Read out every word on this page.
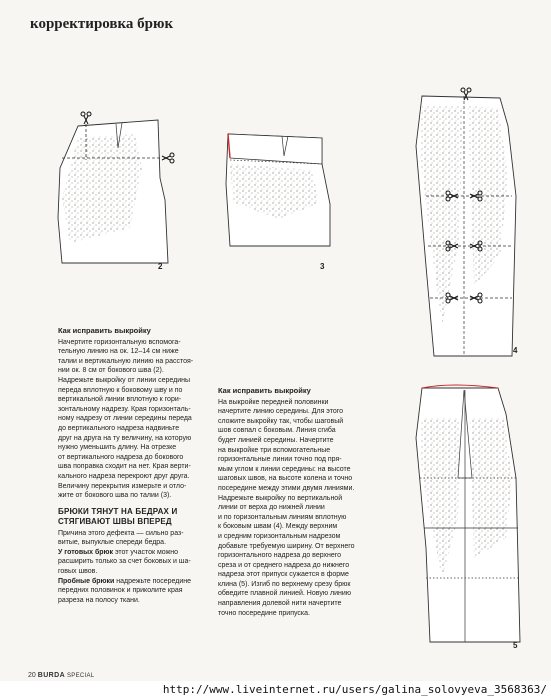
корректировка брюк
2	3
4
5

Как исправить выкройку

Начертите горизонтальную вспомога-
тельную линию на ок. 12–14 см ниже
талии и вертикальную линию на расстоя-
нии ок. 8 см от бокового шва (2).
Надрежьте выкройку от линии середины
переда вплотную к боковому шву и по
вертикальной линии вплотную к гори-
зонтальному надрезу. Края горизонталь-
ному надрезу от линии середины переда
до вертикального надреза надвиньте
друг на друга на ту величину, на которую
нужно уменьшить длину. На отрезке
от вертикального надреза до бокового
шва поправка сходит на нет. Края верти-
кального надреза перекроют друг друга.
Величину перекрытия измерьте и отло-
жите от бокового шва по талии (3).

БРЮКИ ТЯНУТ НА БЕДРАХ И СТЯГИВАЮТ ШВЫ ВПЕРЕД

Причина этого дефекта — сильно раз-
витые, выпуклые спереди бедра.

У готовых брюк этот участок можно
расширить только за счет боковых и ша-
говых швов.

Пробные брюки надрежьте посередине
передних половинок и приколите края
разреза на полосу ткани.

Как исправить выкройку

На выкройке передней половинки
начертите линию середины. Для этого
сложите выкройку так, чтобы шаговый
шов совпал с боковым. Линия сгиба
будет линией середины. Начертите
на выкройке три вспомогательные
горизонтальные линии точно под пря-
мым углом к линии середины: на высоте
шаговых швов, на высоте колена и точно
посередине между этими двумя линиями.
Надрежьте выкройку по вертикальной
линии от верха до нижней линии
и по горизонтальным линиям вплотную
к боковым швам (4). Между верхним
и средним горизонтальным надрезом
добавьте требуемую ширину. От верхнего
горизонтального надреза до верхнего
среза и от среднего надреза до нижнего
надреза этот припуск сужается в форме
клина (5). Изгиб по верхнему срезу брюк
обведите плавной линией. Новую линию
направления долевой нити начертите
точно посередине припуска.

20 BURDA SPECIAL
http://www.liveinternet.ru/users/galina_solovyeva_3568363/
